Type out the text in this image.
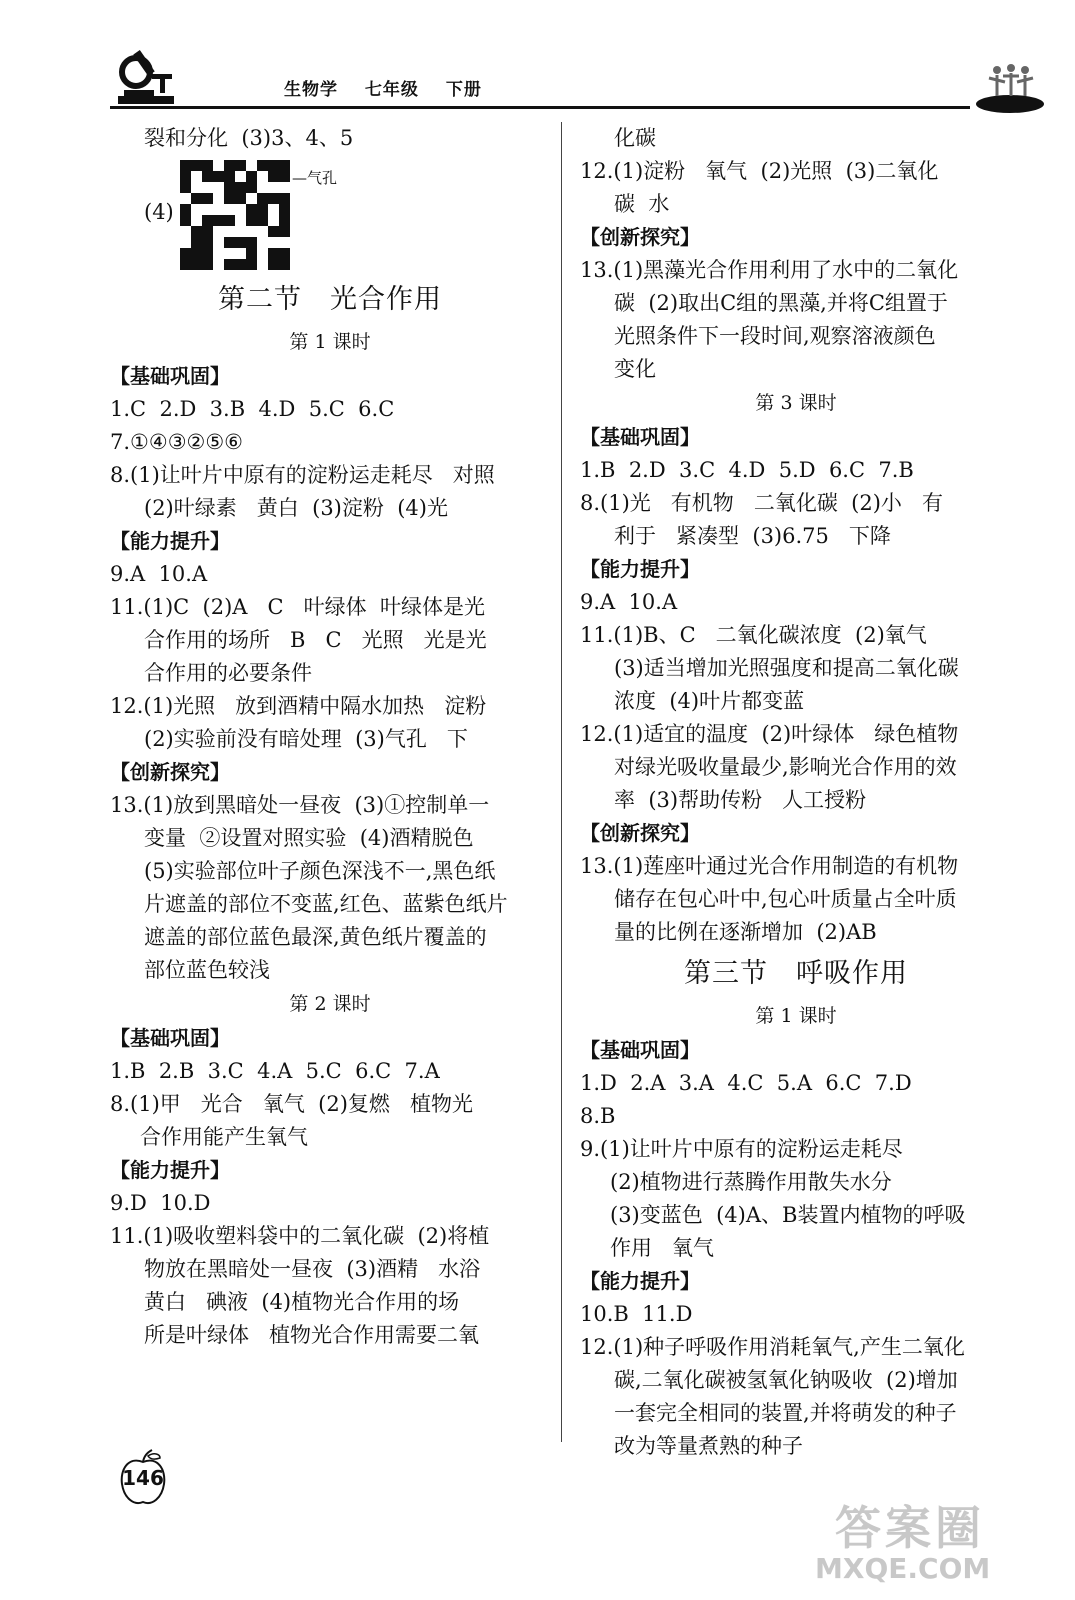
生物学 七年级 下册
裂和分化  (3)3、4、5
(4)
—气孔
第二节 光合作用
第 1 课时
【基础巩固】
1.C  2.D  3.B  4.D  5.C  6.C
7.①④③②⑤⑥
8.(1)让叶片中原有的淀粉运走耗尽   对照
(2)叶绿素   黄白  (3)淀粉  (4)光
【能力提升】
9.A  10.A
11.(1)C  (2)A   C   叶绿体  叶绿体是光
合作用的场所   B   C   光照   光是光
合作用的必要条件
12.(1)光照   放到酒精中隔水加热   淀粉
(2)实验前没有暗处理  (3)气孔   下
【创新探究】
13.(1)放到黑暗处一昼夜  (3)①控制单一
变量  ②设置对照实验  (4)酒精脱色
(5)实验部位叶子颜色深浅不一,黑色纸
片遮盖的部位不变蓝,红色、蓝紫色纸片
遮盖的部位蓝色最深,黄色纸片覆盖的
部位蓝色较浅
第 2 课时
【基础巩固】
1.B  2.B  3.C  4.A  5.C  6.C  7.A
8.(1)甲   光合   氧气  (2)复燃   植物光
合作用能产生氧气
【能力提升】
9.D  10.D
11.(1)吸收塑料袋中的二氧化碳  (2)将植
物放在黑暗处一昼夜  (3)酒精   水浴
黄白   碘液  (4)植物光合作用的场
所是叶绿体   植物光合作用需要二氧
化碳
12.(1)淀粉   氧气  (2)光照  (3)二氧化
碳  水
【创新探究】
13.(1)黑藻光合作用利用了水中的二氧化
碳  (2)取出C组的黑藻,并将C组置于
光照条件下一段时间,观察溶液颜色
变化
第 3 课时
【基础巩固】
1.B  2.D  3.C  4.D  5.D  6.C  7.B
8.(1)光   有机物   二氧化碳  (2)小   有
利于   紧凑型  (3)6.75   下降
【能力提升】
9.A  10.A
11.(1)B、C   二氧化碳浓度  (2)氧气
(3)适当增加光照强度和提高二氧化碳
浓度  (4)叶片都变蓝
12.(1)适宜的温度  (2)叶绿体   绿色植物
对绿光吸收量最少,影响光合作用的效
率  (3)帮助传粉   人工授粉
【创新探究】
13.(1)莲座叶通过光合作用制造的有机物
储存在包心叶中,包心叶质量占全叶质
量的比例在逐渐增加  (2)AB
第三节 呼吸作用
第 1 课时
【基础巩固】
1.D  2.A  3.A  4.C  5.A  6.C  7.D
8.B
9.(1)让叶片中原有的淀粉运走耗尽
(2)植物进行蒸腾作用散失水分
(3)变蓝色  (4)A、B装置内植物的呼吸
作用   氧气
【能力提升】
10.B  11.D
12.(1)种子呼吸作用消耗氧气,产生二氧化
碳,二氧化碳被氢氧化钠吸收  (2)增加
一套完全相同的装置,并将萌发的种子
改为等量煮熟的种子
146
答案圈
MXQE.COM
